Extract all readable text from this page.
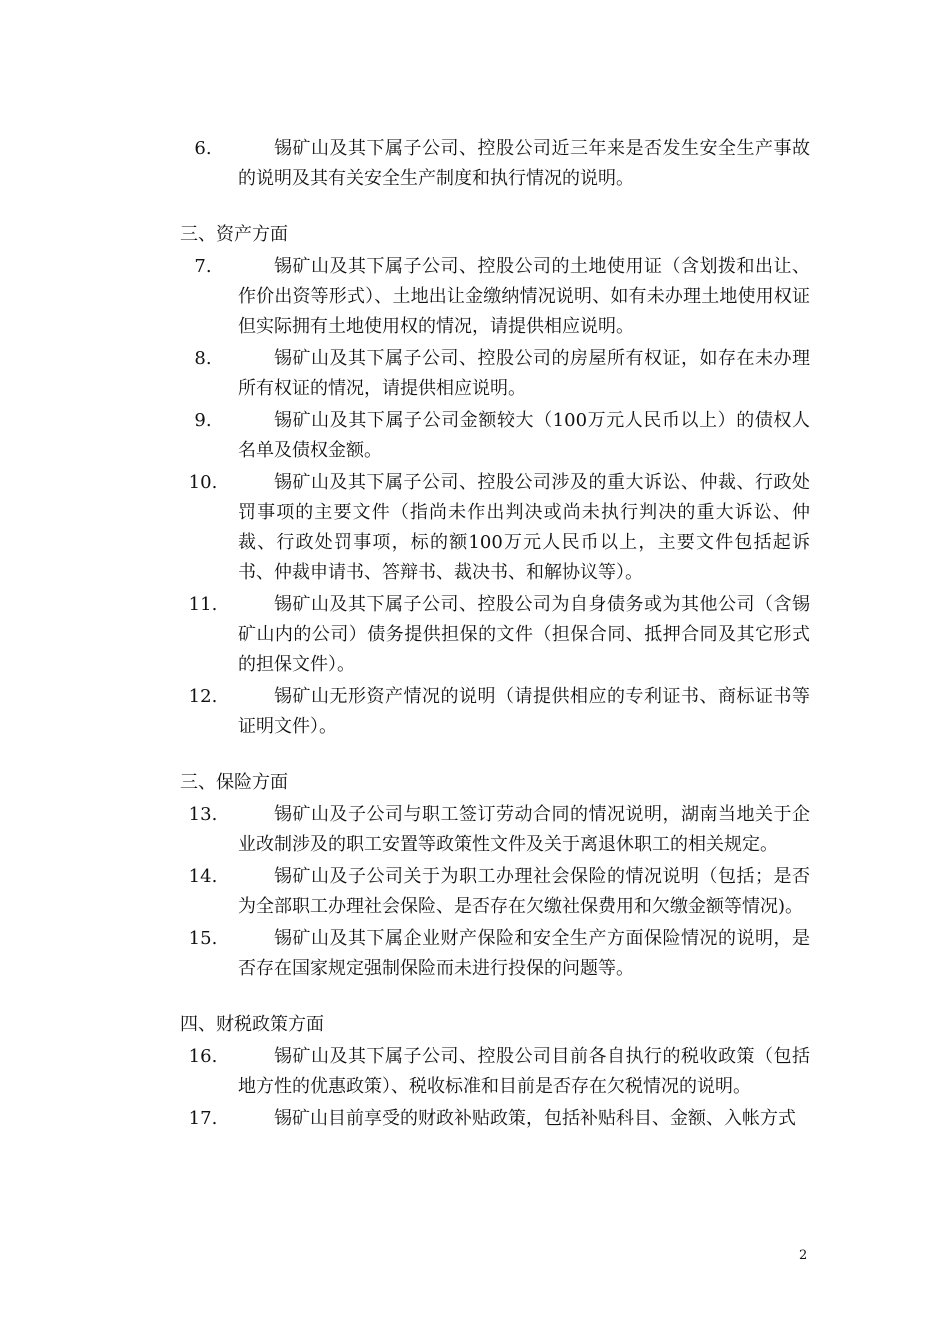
6.	锡矿山及其下属子公司、控股公司近三年来是否发生安全生产事故的说明及其有关安全生产制度和执行情况的说明。
三、资产方面
7.	锡矿山及其下属子公司、控股公司的土地使用证（含划拨和出让、作价出资等形式）、土地出让金缴纳情况说明、如有未办理土地使用权证但实际拥有土地使用权的情况，请提供相应说明。
8.	锡矿山及其下属子公司、控股公司的房屋所有权证，如存在未办理所有权证的情况，请提供相应说明。
9.	锡矿山及其下属子公司金额较大（100万元人民币以上）的债权人名单及债权金额。
10.	锡矿山及其下属子公司、控股公司涉及的重大诉讼、仲裁、行政处罚事项的主要文件（指尚未作出判决或尚未执行判决的重大诉讼、仲裁、行政处罚事项，标的额100万元人民币以上，主要文件包括起诉书、仲裁申请书、答辩书、裁决书、和解协议等）。
11.	锡矿山及其下属子公司、控股公司为自身债务或为其他公司（含锡矿山内的公司）债务提供担保的文件（担保合同、抵押合同及其它形式的担保文件）。
12.	锡矿山无形资产情况的说明（请提供相应的专利证书、商标证书等证明文件）。
三、保险方面
13.	锡矿山及子公司与职工签订劳动合同的情况说明，湖南当地关于企业改制涉及的职工安置等政策性文件及关于离退休职工的相关规定。
14.	锡矿山及子公司关于为职工办理社会保险的情况说明（包括；是否为全部职工办理社会保险、是否存在欠缴社保费用和欠缴金额等情况)。
15.	锡矿山及其下属企业财产保险和安全生产方面保险情况的说明，是否存在国家规定强制保险而未进行投保的问题等。
四、财税政策方面
16.	锡矿山及其下属子公司、控股公司目前各自执行的税收政策（包括地方性的优惠政策）、税收标准和目前是否存在欠税情况的说明。
17.	锡矿山目前享受的财政补贴政策，包括补贴科目、金额、入帐方式
2
